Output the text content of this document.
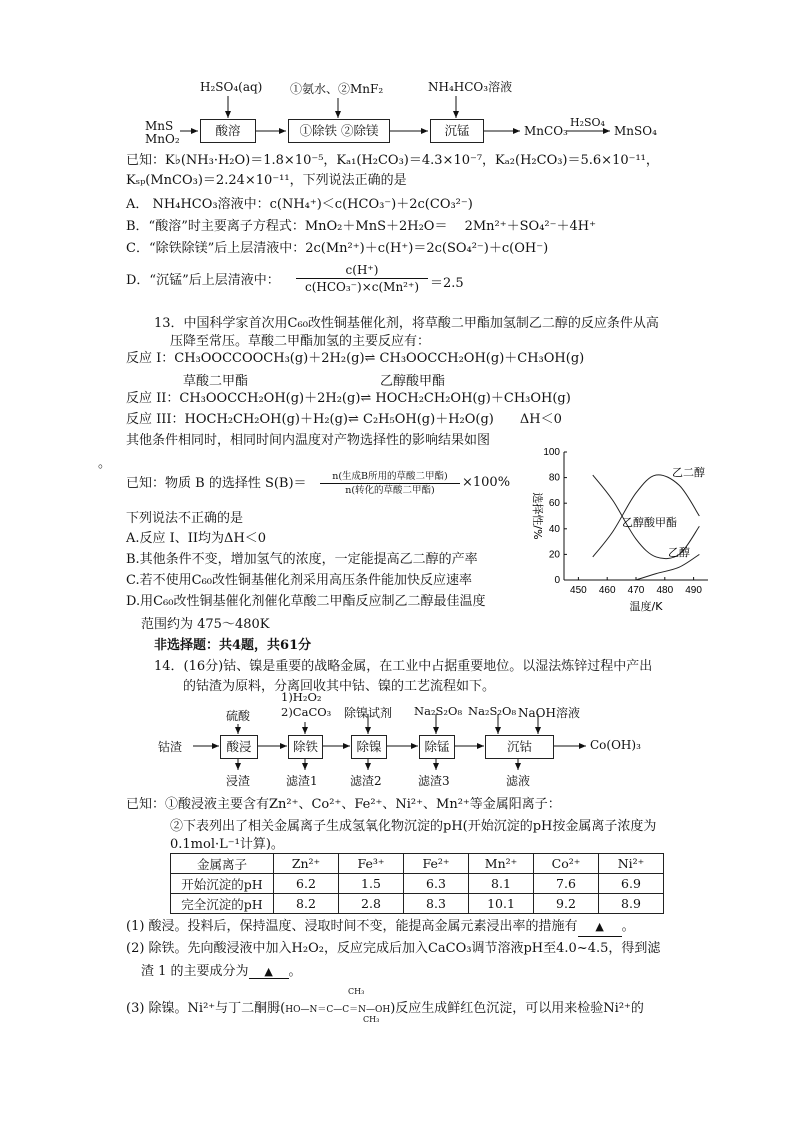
H₂SO₄(aq) ①氨水、②MnF₂	NH₄HCO₃溶液
MnS
MnO₂
酸溶	①除铁 ②除镁	沉锰	MnCO₃
H₂SO₄
MnSO₄
已知：K♭(NH₃·H₂O)＝1.8×10⁻⁵，Kₐ₁(H₂CO₃)＝4.3×10⁻⁷，Kₐ₂(H₂CO₃)＝5.6×10⁻¹¹，
Kₛₚ(MnCO₃)＝2.24×10⁻¹¹，下列说法正确的是
A． NH₄HCO₃溶液中：c(NH₄⁺)＜c(HCO₃⁻)＋2c(CO₃²⁻)
B．“酸溶”时主要离子方程式：MnO₂＋MnS＋2H₂O＝  2Mn²⁺＋SO₄²⁻＋4H⁺
C．“除铁除镁”后上层清液中：2c(Mn²⁺)＋c(H⁺)＝2c(SO₄²⁻)＋c(OH⁻)
D．“沉锰”后上层清液中：
c(H⁺)
c(HCO₃⁻)×c(Mn²⁺) ＝2.5
13．中国科学家首次用C₆₀改性铜基催化剂，将草酸二甲酯加氢制乙二醇的反应条件从高
压降至常压。草酸二甲酯加氢的主要反应有：
反应 I：CH₃OOCCOOCH₃(g)＋2H₂(g)⇌ CH₃OOCCH₂OH(g)＋CH₃OH(g)
草酸二甲酯	乙醇酸甲酯
反应 II：CH₃OOCCH₂OH(g)＋2H₂(g)⇌ HOCH₂CH₂OH(g)＋CH₃OH(g)
反应 III：HOCH₂CH₂OH(g)＋H₂(g)⇌ C₂H₅OH(g)＋H₂O(g)  ΔH＜0
其他条件相同时，相同时间内温度对产物选择性的影响结果如图
。
已知：物质 B 的选择性 S(B)＝	n(生成B所用的草酸二甲酯)
n(转化的草酸二甲酯)
×100%
下列说法不正确的是
A.反应 I、II均为ΔH＜0
B.其他条件不变，增加氢气的浓度，一定能提高乙二醇的产率
C.若不使用C₆₀改性铜基催化剂采用高压条件能加快反应速率
D.用C₆₀改性铜基催化剂催化草酸二甲酯反应制乙二醇最佳温度
范围约为 475～480K
450 460 470 480 490
0
20
40
60
80
100
温度/K
选择性/%
乙二醇
乙醇酸甲酯
乙醇
非选择题：共4题，共61分
14．(16分)钴、镍是重要的战略金属，在工业中占据重要地位。以湿法炼锌过程中产出
的钴渣为原料，分离回收其中钴、镍的工艺流程如下。
钴渣
硫酸
1)H₂O₂
2)CaCO₃ 除镍试剂 Na₂S₂O₈ Na₂S₂O₈ NaOH溶液
酸浸	除铁	除镍	除锰	沉钴	Co(OH)₃
浸渣	滤渣1	滤渣2	滤渣3	滤液
已知：①酸浸液主要含有Zn²⁺、Co²⁺、Fe²⁺、Ni²⁺、Mn²⁺等金属阳离子：
②下表列出了相关金属离子生成氢氧化物沉淀的pH(开始沉淀的pH按金属离子浓度为
0.1mol·L⁻¹计算)。
金属离子	Zn²⁺	Fe³⁺	Fe²⁺	Mn²⁺	Co²⁺	Ni²⁺
开始沉淀的pH	6.2	1.5	6.3	8.1	7.6	6.9
完全沉淀的pH	8.2	2.8	8.3	10.1	9.2	8.9
(1) 酸浸。投料后，保持温度、浸取时间不变，能提高金属元素浸出率的措施有 ▲ 。
(2) 除铁。先向酸浸液中加入H₂O₂，反应完成后加入CaCO₃调节溶液pH至4.0~4.5，得到滤
渣 1 的主要成分为 ▲ 。
(3) 除镍。Ni²⁺与丁二酮胟(HO—N＝C—C＝N—OH)反应生成鲜红色沉淀，可以用来检验Ni²⁺的
CH₃
CH₃
